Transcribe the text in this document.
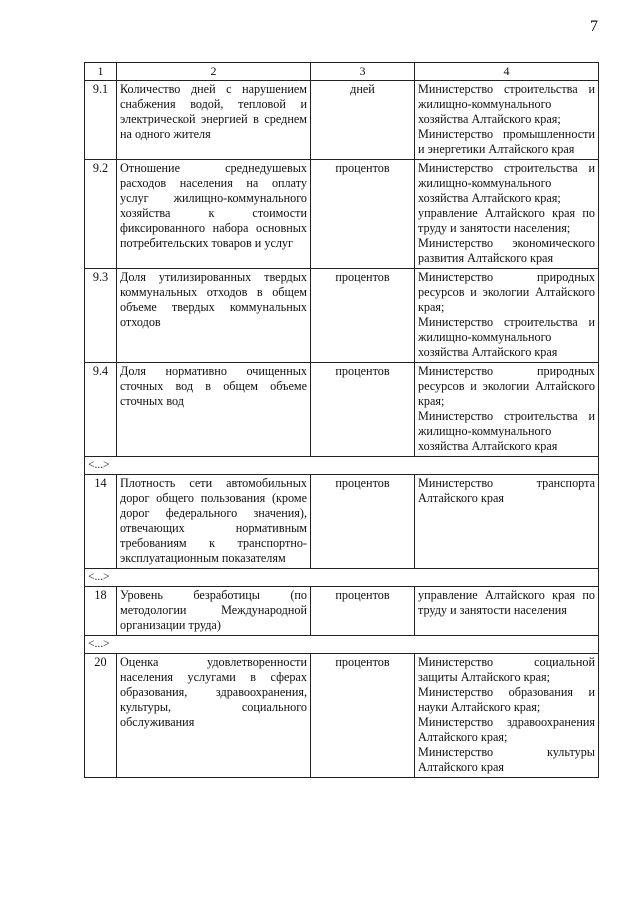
7
1	2	3	4
9.1	Количество дней с нарушением снабжения водой, тепловой и электрической энергией в среднем на одного жителя	дней	Министерство строительства и жилищно-коммунального хозяйства Алтайского края;
Министерство промышленности и энергетики Алтайского края

9.2	Отношение среднедушевых расходов населения на оплату услуг жилищно-коммунального хозяйства к стоимости фиксированного набора основных потребительских товаров и услуг	процентов	Министерство строительства и жилищно-коммунального хозяйства Алтайского края;
управление Алтайского края по труду и занятости населения;
Министерство экономического развития Алтайского края

9.3	Доля утилизированных твердых коммунальных отходов в общем объеме твердых коммунальных отходов	процентов	Министерство природных ресурсов и экологии Алтайского края;
Министерство строительства и жилищно-коммунального хозяйства Алтайского края

9.4	Доля нормативно очищенных сточных вод в общем объеме сточных вод	процентов	Министерство природных ресурсов и экологии Алтайского края;
Министерство строительства и жилищно-коммунального хозяйства Алтайского края

<...>			
14	Плотность сети автомобильных дорог общего пользования (кроме дорог федерального значения), отвечающих нормативным требованиям к транспортно-эксплуатационным показателям	процентов	Министерство транспорта Алтайского края

<...>			
18	Уровень безработицы (по методологии Международной организации труда)	процентов	управление Алтайского края по труду и занятости населения

<...>			
20	Оценка удовлетворенности населения услугами в сферах образования, здравоохранения, культуры, социального обслуживания	процентов	Министерство социальной защиты Алтайского края;
Министерство образования и науки Алтайского края;
Министерство здравоохранения Алтайского края;
Министерство культуры Алтайского края
